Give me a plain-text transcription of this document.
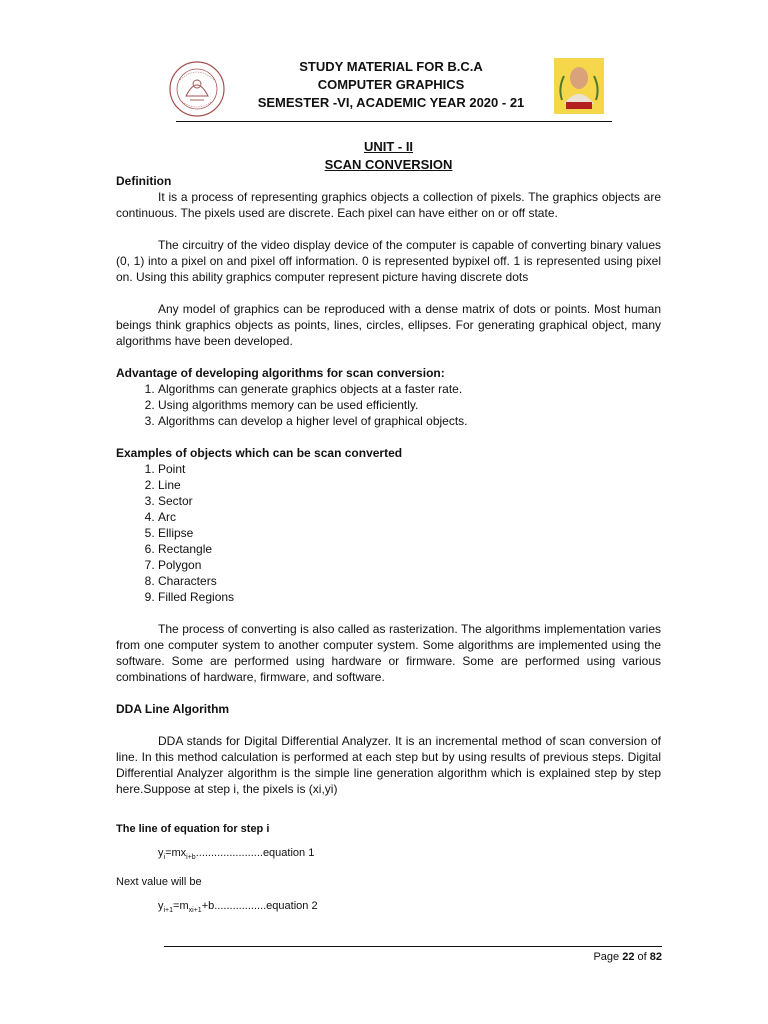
STUDY MATERIAL FOR B.C.A
COMPUTER GRAPHICS
SEMESTER -VI, ACADEMIC YEAR 2020 - 21
UNIT - II
SCAN CONVERSION
Definition

It is a process of representing graphics objects a collection of pixels. The graphics objects are continuous. The pixels used are discrete. Each pixel can have either on or off state.

The circuitry of the video display device of the computer is capable of converting binary values (0, 1) into a pixel on and pixel off information. 0 is represented bypixel off. 1 is represented using pixel on. Using this ability graphics computer represent picture having discrete dots

Any model of graphics can be reproduced with a dense matrix of dots or points. Most human beings think graphics objects as points, lines, circles, ellipses. For generating graphical object, many algorithms have been developed.

Advantage of developing algorithms for scan conversion:
1. Algorithms can generate graphics objects at a faster rate.
2. Using algorithms memory can be used efficiently.
3. Algorithms can develop a higher level of graphical objects.
Examples of objects which can be scan converted
1. Point
2. Line
3. Sector
4. Arc
5. Ellipse
6. Rectangle
7. Polygon
8. Characters
9. Filled Regions

The process of converting is also called as rasterization. The algorithms implementation varies from one computer system to another computer system. Some algorithms are implemented using the software. Some are performed using hardware or firmware. Some are performed using various combinations of hardware, firmware, and software.

DDA Line Algorithm

DDA stands for Digital Differential Analyzer. It is an incremental method of scan conversion of line. In this method calculation is performed at each step but by using results of previous steps. Digital Differential Analyzer algorithm is the simple line generation algorithm which is explained step by step here.Suppose at step i, the pixels is (xi,yi)

The line of equation for step i
$y_i=mx_{i+b}......................equation$ 1
Next value will be
$y_{i+1}=m_{xi+1}+b.................equation$ 2
Page 22 of 82
